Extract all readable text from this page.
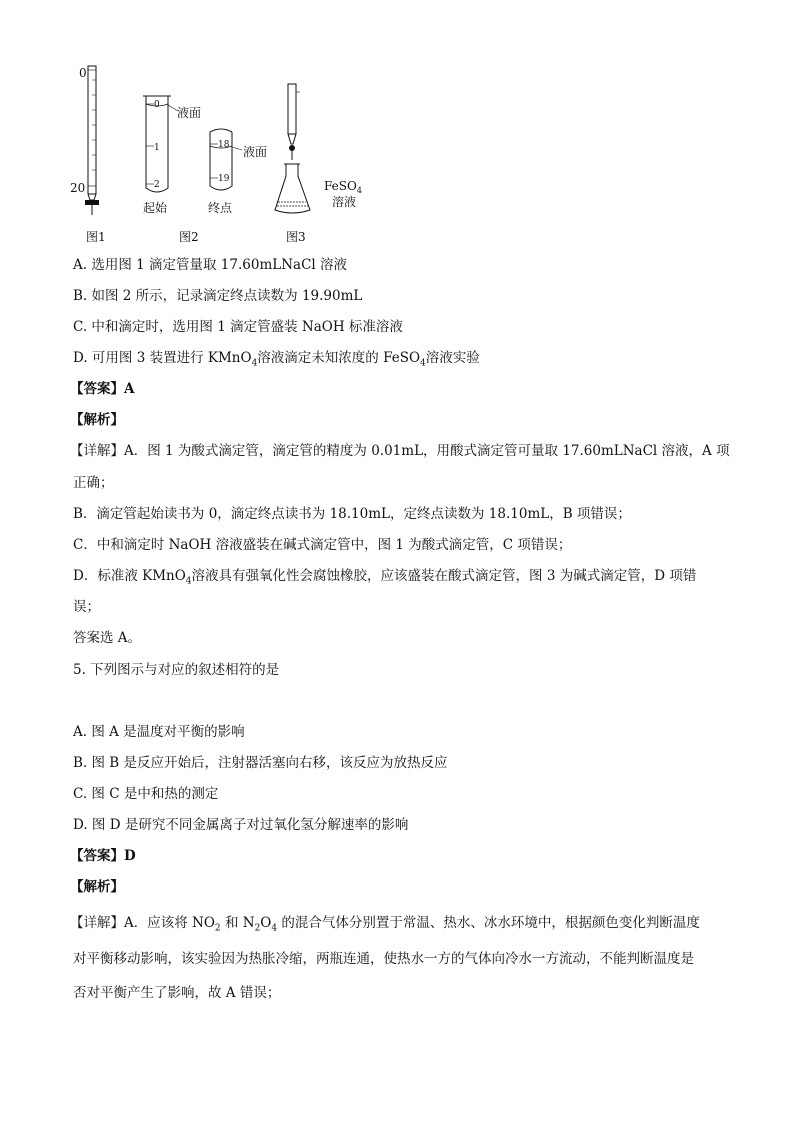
0
20
0
1
2
液面
起始
18
19
液面
终点
FeSO$_4$
溶液
图1	图2	图3
A. 选用图 1 滴定管量取 17.60mLNaCl 溶液
B. 如图 2 所示，记录滴定终点读数为 19.90mL
C. 中和滴定时，选用图 1 滴定管盛装 NaOH 标准溶液
D. 可用图 3 装置进行 KMnO$_4$溶液滴定未知浓度的 FeSO$_4$溶液实验
【答案】A
【解析】
【详解】A．图 1 为酸式滴定管，滴定管的精度为 0.01mL，用酸式滴定管可量取 17.60mLNaCl 溶液，A 项
正确；
B．滴定管起始读书为 0，滴定终点读书为 18.10mL，定终点读数为 18.10mL，B 项错误；
C．中和滴定时 NaOH 溶液盛装在碱式滴定管中，图 1 为酸式滴定管，C 项错误；
D．标准液 KMnO$_4$溶液具有强氧化性会腐蚀橡胶，应该盛装在酸式滴定管，图 3 为碱式滴定管，D 项错
误；
答案选 A。
5. 下列图示与对应的叙述相符的是
A. 图 A 是温度对平衡的影响
B. 图 B 是反应开始后，注射器活塞向右移，该反应为放热反应
C. 图 C 是中和热的测定
D. 图 D 是研究不同金属离子对过氧化氢分解速率的影响
【答案】D
【解析】
【详解】A．应该将 $NO_2$ 和 $N_2O_4$ 的混合气体分别置于常温、热水、冰水环境中，根据颜色变化判断温度
对平衡移动影响，该实验因为热胀冷缩，两瓶连通，使热水一方的气体向冷水一方流动，不能判断温度是
否对平衡产生了影响，故 A 错误；
